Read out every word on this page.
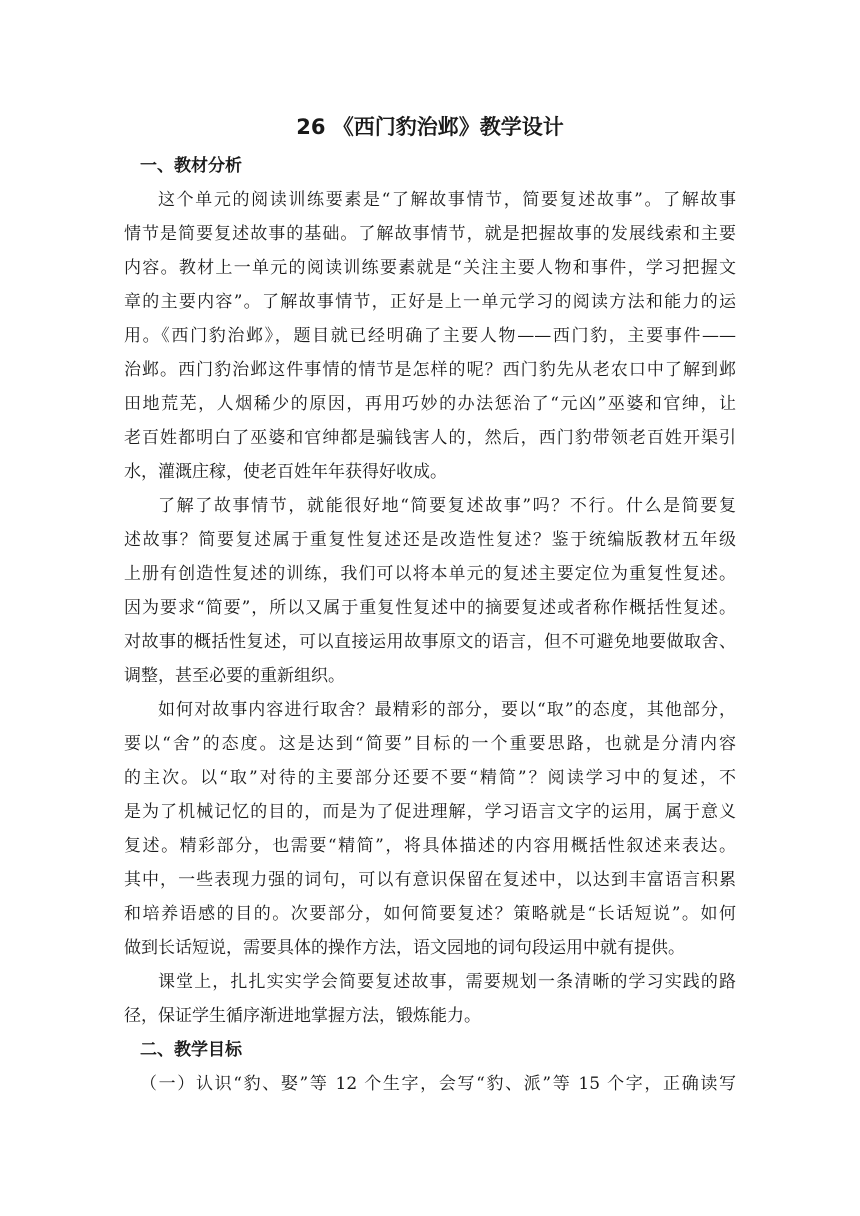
26 《西门豹治邺》教学设计
一、教材分析
这个单元的阅读训练要素是“了解故事情节，简要复述故事”。了解故事
情节是简要复述故事的基础。了解故事情节，就是把握故事的发展线索和主要
内容。教材上一单元的阅读训练要素就是“关注主要人物和事件，学习把握文
章的主要内容”。了解故事情节，正好是上一单元学习的阅读方法和能力的运
用。《西门豹治邺》，题目就已经明确了主要人物——西门豹，主要事件——
治邺。西门豹治邺这件事情的情节是怎样的呢？西门豹先从老农口中了解到邺
田地荒芜，人烟稀少的原因，再用巧妙的办法惩治了“元凶”巫婆和官绅，让
老百姓都明白了巫婆和官绅都是骗钱害人的，然后，西门豹带领老百姓开渠引
水，灌溉庄稼，使老百姓年年获得好收成。
了解了故事情节，就能很好地“简要复述故事”吗？不行。什么是简要复
述故事？简要复述属于重复性复述还是改造性复述？鉴于统编版教材五年级
上册有创造性复述的训练，我们可以将本单元的复述主要定位为重复性复述。
因为要求“简要”，所以又属于重复性复述中的摘要复述或者称作概括性复述。
对故事的概括性复述，可以直接运用故事原文的语言，但不可避免地要做取舍、
调整，甚至必要的重新组织。
如何对故事内容进行取舍？最精彩的部分，要以“取”的态度，其他部分，
要以“舍”的态度。这是达到“简要”目标的一个重要思路，也就是分清内容
的主次。以“取”对待的主要部分还要不要“精简”？阅读学习中的复述，不
是为了机械记忆的目的，而是为了促进理解，学习语言文字的运用，属于意义
复述。精彩部分，也需要“精简”，将具体描述的内容用概括性叙述来表达。
其中，一些表现力强的词句，可以有意识保留在复述中，以达到丰富语言积累
和培养语感的目的。次要部分，如何简要复述？策略就是“长话短说”。如何
做到长话短说，需要具体的操作方法，语文园地的词句段运用中就有提供。
课堂上，扎扎实实学会简要复述故事，需要规划一条清晰的学习实践的路
径，保证学生循序渐进地掌握方法，锻炼能力。
二、教学目标
（一）认识“豹、娶”等 12 个生字，会写“豹、派”等 15 个字，正确读写
